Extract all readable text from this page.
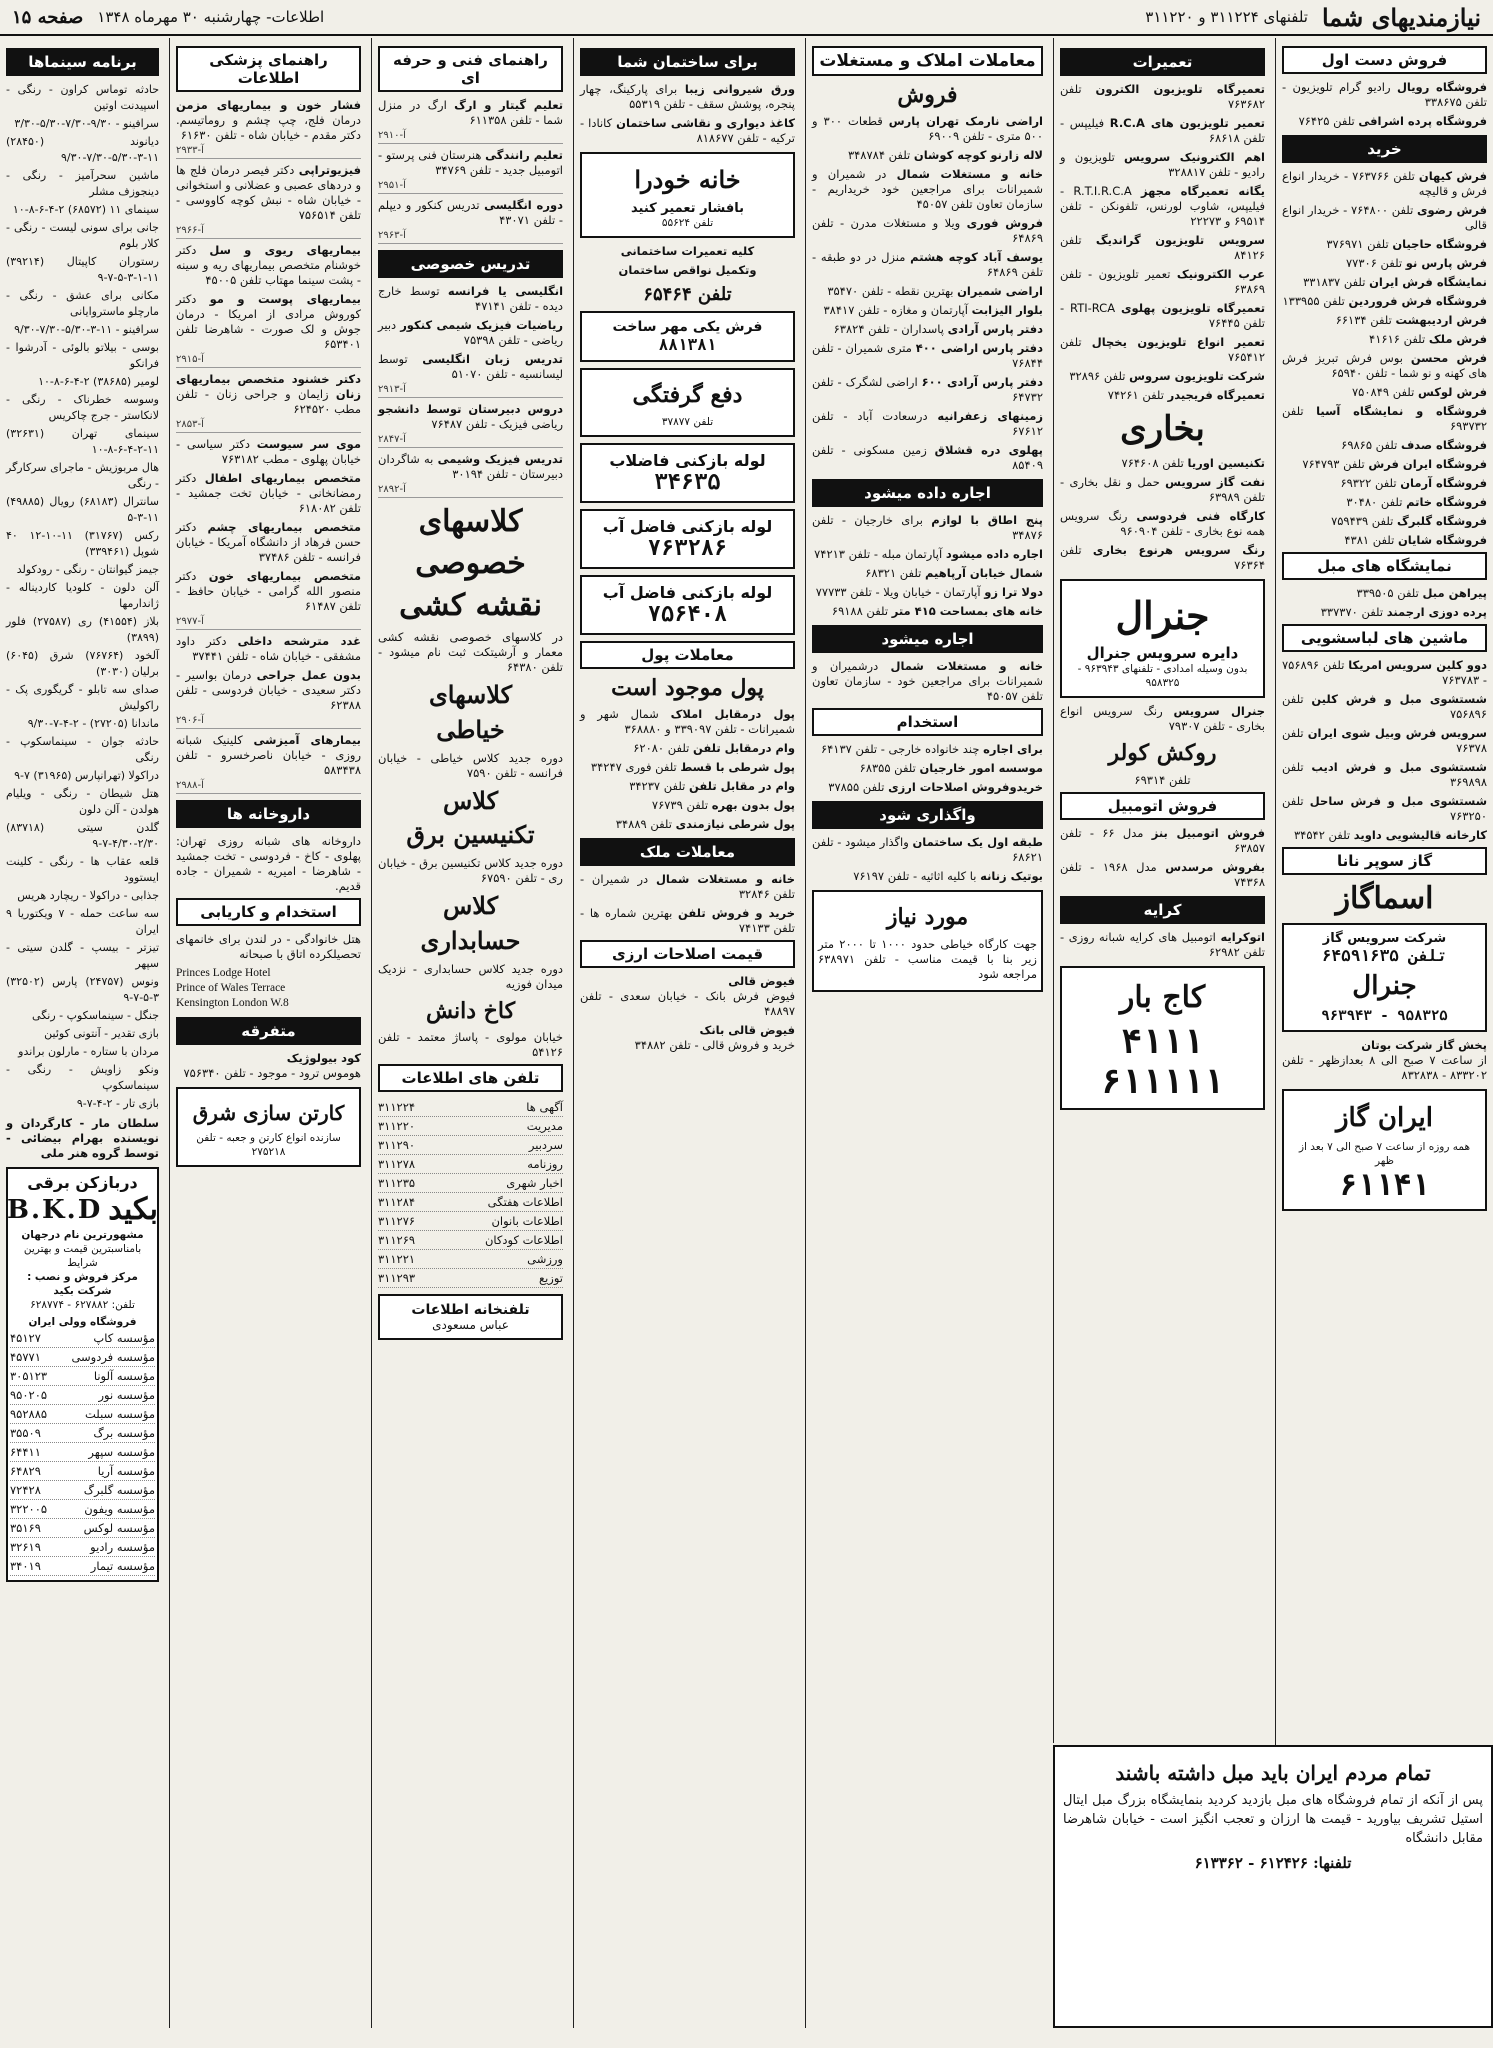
نیازمندیهای شما
تلفنهای ۳۱۱۲۲۴ و ۳۱۱۲۲۰
اطلاعات- چهارشنبه ۳۰ مهرماه ۱۳۴۸
صفحه ۱۵
فروش دست اول
فروشگاه رویال رادیو گرام تلویزیون - تلفن ۳۳۸۶۷۵
فروشگاه پرده اشرافی تلفن ۷۶۴۲۵
خرید
فرش کیهان تلفن ۷۶۳۷۶۶ - خریدار انواع فرش و قالیچه
فرش رضوی تلفن ۷۶۴۸۰۰ - خریدار انواع قالی
فروشگاه حاجیان تلفن ۳۷۶۹۷۱
فرش پارس نو تلفن ۷۷۳۰۶
نمایشگاه فرش ایران تلفن ۳۳۱۸۳۷
فروشگاه فرش فروردین تلفن ۱۳۳۹۵۵
فرش اردیبهشت تلفن ۶۶۱۳۴
فرش ملک تلفن ۴۱۶۱۶
فرش محسن بوس فرش تبریز فرش های کهنه و نو شما - تلفن ۶۵۹۴۰
فرش لوکس تلفن ۷۵۰۸۴۹
فروشگاه و نمایشگاه آسیا تلفن ۶۹۳۷۳۲
فروشگاه صدف تلفن ۶۹۸۶۵
فروشگاه ایران فرش تلفن ۷۶۴۷۹۳
فروشگاه آرمان تلفن ۶۹۳۲۲
فروشگاه خاتم تلفن ۳۰۴۸۰
فروشگاه گلبرگ تلفن ۷۵۹۴۳۹
فروشگاه شایان تلفن ۴۳۸۱
نمایشگاه های مبل
پیراهن مبل تلفن ۳۳۹۵۰۵
پرده دوزی ارجمند تلفن ۳۳۷۳۷۰
ماشین های لباسشویی
دوو کلین سرویس امریکا تلفن ۷۵۶۸۹۶ - ۷۶۳۷۸۳
شستشوی مبل و فرش کلین تلفن ۷۵۶۸۹۶
سرویس فرش وبیل شوی ایران تلفن ۷۶۳۷۸
شستشوی مبل و فرش ادیب تلفن ۳۶۹۸۹۸
شستشوی مبل و فرش ساحل تلفن ۷۶۳۲۵۰
کارخانه قالیشویی داوید تلفن ۳۴۵۴۲
گاز سوپر نانا
اسماگاز
شرکت سرویس گاز
تلفن ۶۴۵۹۱۶۳۵
جنرال
۹۶۳۹۴۳ - ۹۵۸۳۲۵
پخش گاز شرکت بوتان
از ساعت ۷ صبح الی ۸ بعدازظهر - تلفن ۸۳۳۲۰۲ - ۸۳۲۸۳۸
ایران گاز
همه روزه از ساعت ۷ صبح الی ۷ بعد از ظهر
۶۱۱۴۱
تمام مردم ایران باید مبل داشته باشند
پس از آنکه از تمام فروشگاه های مبل بازدید کردید بنمایشگاه بزرگ مبل ایتال استیل تشریف بیاورید - قیمت ها ارزان و تعجب انگیز است - خیابان شاهرضا مقابل دانشگاه
تلفنها: ۶۱۲۴۲۶ - ۶۱۳۳۶۲
تعمیرات
تعمیرگاه تلویزیون الکترون تلفن ۷۶۳۶۸۲
تعمیر تلویزیون های R.C.A فیلیپس - تلفن ۶۸۶۱۸
اهم الکترونیک سرویس تلویزیون و رادیو - تلفن ۳۲۸۸۱۷
یگانه تعمیرگاه مجهز R.T.I.R.C.A - فیلیپس، شاوب لورنس، تلفونکن - تلفن ۶۹۵۱۴ و ۲۲۲۷۳
سرویس تلویزیون گراندیگ تلفن ۸۴۱۲۶
عرب الکترونیک تعمیر تلویزیون - تلفن ۶۳۸۶۹
تعمیرگاه تلویزیون پهلوی RTI-RCA - تلفن ۷۶۴۴۵
تعمیر انواع تلویزیون یخچال تلفن ۷۶۵۴۱۲
شرکت تلویزیون سروس تلفن ۳۲۸۹۶
تعمیرگاه فریجیدر تلفن ۷۴۲۶۱
بخاری
تکنیسین اوریا تلفن ۷۶۴۶۰۸
نفت گاز سرویس حمل و نقل بخاری - تلفن ۶۳۹۸۹
کارگاه فنی فردوسی رنگ سرویس همه نوع بخاری - تلفن ۹۶۰۹۰۴
رنگ سرویس هرنوع بخاری تلفن ۷۶۳۶۴
جنرال
دایره سرویس جنرال
بدون وسیله امدادی - تلفنهای ۹۶۳۹۴۳ - ۹۵۸۳۲۵
جنرال سرویس رنگ سرویس انواع بخاری - تلفن ۷۹۳۰۷
روکش کولر
تلفن ۶۹۳۱۴
فروش اتومبیل
فروش اتومبیل بنز مدل ۶۶ - تلفن ۶۳۸۵۷
بفروش مرسدس مدل ۱۹۶۸ - تلفن ۷۴۳۶۸
کرایه
اتوکرایه اتومبیل های کرایه شبانه روزی - تلفن ۶۲۹۸۲
کاج بار
۴۱۱۱
۶۱۱۱۱۱
معاملات املاک و مستغلات
فروش
اراضی نارمک تهران پارس قطعات ۳۰۰ و ۵۰۰ متری - تلفن ۶۹۰۰۹
لاله زارنو کوچه کوشان تلفن ۳۴۸۷۸۴
خانه و مستغلات شمال در شمیران و شمیرانات برای مراجعین خود خریداریم - سازمان تعاون تلفن ۴۵۰۵۷
فروش فوری ویلا و مستغلات مدرن - تلفن ۶۴۸۶۹
یوسف آباد کوچه هشتم منزل در دو طبقه - تلفن ۶۴۸۶۹
اراضی شمیران بهترین نقطه - تلفن ۳۵۴۷۰
بلوار الیزابت آپارتمان و مغازه - تلفن ۳۸۴۱۷
دفتر پارس آرادی پاسداران - تلفن ۶۳۸۲۴
دفتر پارس اراضی ۴۰۰ متری شمیران - تلفن ۷۶۸۴۴
دفتر پارس آرادی ۶۰۰ اراضی لشگرک - تلفن ۶۴۷۳۲
زمینهای زعفرانیه درسعادت آباد - تلفن ۶۷۶۱۲
پهلوی دره قشلاق زمین مسکونی - تلفن ۸۵۴۰۹
اجاره داده میشود
پنج اطاق با لوازم برای خارجیان - تلفن ۳۴۸۷۶
اجاره داده میشود آپارتمان مبله - تلفن ۷۴۲۱۳
شمال خیابان آرپاهیم تلفن ۶۸۳۲۱
دولا ترا زو آپارتمان - خیابان ویلا - تلفن ۷۷۷۳۳
خانه های بمساحت ۴۱۵ متر تلفن ۶۹۱۸۸
اجاره میشود
خانه و مستغلات شمال درشمیران و شمیرانات برای مراجعین خود - سازمان تعاون تلفن ۴۵۰۵۷
استخدام
برای اجاره چند خانواده خارجی - تلفن ۶۴۱۳۷
موسسه امور خارجیان تلفن ۶۸۳۵۵
خریدوفروش اصلاحات ارزی تلفن ۳۷۸۵۵
واگذاری شود
طبقه اول یک ساختمان واگذار میشود - تلفن ۶۸۶۲۱
بوتیک زنانه با کلیه اثاثیه - تلفن ۷۶۱۹۷
مورد نیاز
جهت کارگاه خیاطی حدود ۱۰۰۰ تا ۲۰۰۰ متر زیر بنا با قیمت مناسب - تلفن ۶۳۸۹۷۱ مراجعه شود
برای ساختمان شما
ورق شیروانی زیبا برای پارکینگ، چهار پنجره، پوشش سقف - تلفن ۵۵۳۱۹
کاغذ دیواری و نقاشی ساختمان کانادا - ترکیه - تلفن ۸۱۸۶۷۷
خانه خودرا
بافشار تعمیر کنید
تلفن ۵۵۶۲۴
کلیه تعمیرات ساختمانی
وتکمیل نواقص ساختمان
تلفن ۶۵۴۶۴
فرش یکی مهر ساخت
۸۸۱۳۸۱
دفع گرفتگی
تلفن ۳۷۸۷۷
لوله بازکنی فاضلاب
۳۴۶۳۵
لوله بازکنی فاضل آب
۷۶۳۲۸۶
لوله بازکنی فاضل آب
۷۵۶۴۰۸
معاملات پول
پول موجود است
پول درمقابل املاک شمال شهر و شمیرانات - تلفن ۳۳۹۰۹۷ و ۳۶۸۸۸۰
وام درمقابل تلفن تلفن ۶۲۰۸۰
پول شرطی با قسط تلفن فوری ۳۴۲۴۷
وام در مقابل تلفن تلفن ۳۴۲۳۷
پول بدون بهره تلفن ۷۶۷۳۹
پول شرطی نیازمندی تلفن ۳۴۸۸۹
معاملات ملک
خانه و مستغلات شمال در شمیران - تلفن ۳۲۸۴۶
خرید و فروش تلفن بهترین شماره ها - تلفن ۷۴۱۳۳
قیمت اصلاحات ارزی
فیوض قالی
فیوض فرش بانک - خیابان سعدی - تلفن ۴۸۸۹۷
فیوض قالی بانک
خرید و فروش قالی - تلفن ۳۴۸۸۲
راهنمای فنی و حرفه ای
تعلیم گیتار و ارگ ارگ در منزل شما - تلفن ۶۱۱۳۵۸
۲۹۱۰-آ
تعلیم رانندگی هنرستان فنی پرستو - اتومبیل جدید - تلفن ۳۴۷۶۹
۲۹۵۱-آ
دوره انگلیسی تدریس کنکور و دیپلم - تلفن ۴۳۰۷۱
۲۹۶۳-آ
تدریس خصوصی
انگلیسی یا فرانسه توسط خارج دیده - تلفن ۴۷۱۴۱
ریاضیات فیزیک شیمی کنکور دبیر ریاضی - تلفن ۷۵۳۹۸
تدریس زبان انگلیسی توسط لیسانسیه - تلفن ۵۱۰۷۰
۲۹۱۳-آ
دروس دبیرستان توسط دانشجو ریاضی فیزیک - تلفن ۷۶۴۸۷
۲۸۴۷-آ
تدریس فیزیک وشیمی به شاگردان دبیرستان - تلفن ۳۰۱۹۴
۲۸۹۲-آ
کلاسهای
خصوصی
نقشه کشی
در کلاسهای خصوصی نقشه کشی معمار و آرشیتکت ثبت نام میشود - تلفن ۶۴۳۸۰
کلاسهای
خیاطی
دوره جدید کلاس خیاطی - خیابان فرانسه - تلفن ۷۵۹۰
کلاس
تکنیسین برق
دوره جدید کلاس تکنیسین برق - خیابان ری - تلفن ۶۷۵۹۰
کلاس
حسابداری
دوره جدید کلاس حسابداری - نزدیک میدان فوزیه
کاخ دانش
خیابان مولوی - پاساژ معتمد - تلفن ۵۴۱۲۶
تلفن های اطلاعات
آگهی ها
۳۱۱۲۲۴
مدیریت
۳۱۱۲۲۰
سردبیر
۳۱۱۲۹۰
روزنامه
۳۱۱۲۷۸
اخبار شهری
۳۱۱۲۳۵
اطلاعات هفتگی
۳۱۱۲۸۴
اطلاعات بانوان
۳۱۱۲۷۶
اطلاعات کودکان
۳۱۱۲۶۹
ورزشی
۳۱۱۲۲۱
توزیع
۳۱۱۲۹۳
تلفنخانه اطلاعات
عباس مسعودی
راهنمای پزشکی اطلاعات
فشار خون و بیماریهای مزمن درمان فلج، چپ چشم و روماتیسم. دکتر مقدم - خیابان شاه - تلفن ۶۱۶۳۰
۲۹۳۳-آ
فیزیوتراپی دکتر فیصر درمان فلج ها و دردهای عصبی و عضلانی و استخوانی - خیابان شاه - نبش کوچه کاووسی - تلفن ۷۵۶۵۱۴
۲۹۶۶-آ
بیماریهای ریوی و سل دکتر خوشنام متخصص بیماریهای ریه و سینه - پشت سینما مهتاب تلفن ۴۵۰۰۵
بیماریهای پوست و مو دکتر کوروش مرادی از امریکا - درمان جوش و لک صورت - شاهرضا تلفن ۶۵۳۴۰۱
۲۹۱۵-آ
دکتر خشنود متخصص بیماریهای زنان زایمان و جراحی زنان - تلفن مطب ۶۲۴۵۲۰
۲۸۵۳-آ
موی سر سیوست دکتر سیاسی - خیابان پهلوی - مطب ۷۶۳۱۸۲
متخصص بیماریهای اطفال دکتر رمضانخانی - خیابان تخت جمشید - تلفن ۶۱۸۰۸۲
متخصص بیماریهای چشم دکتر حسن فرهاد از دانشگاه آمریکا - خیابان فرانسه - تلفن ۳۷۴۸۶
متخصص بیماریهای خون دکتر منصور الله گرامی - خیابان حافظ - تلفن ۶۱۴۸۷
۲۹۷۷-آ
غدد مترشحه داخلی دکتر داود مشفقی - خیابان شاه - تلفن ۳۷۴۴۱
بدون عمل جراحی درمان بواسیر - دکتر سعیدی - خیابان فردوسی - تلفن ۶۲۳۸۸
۲۹۰۶-آ
بیمارهای آمیزشی کلینیک شبانه روزی - خیابان ناصرخسرو - تلفن ۵۸۳۴۳۸
۲۹۸۸-آ
داروخانه ها
داروخانه های شبانه روزی تهران: پهلوی - کاخ - فردوسی - تخت جمشید - شاهرضا - امیریه - شمیران - جاده قدیم.
استخدام و کاریابی
هتل خانوادگی - در لندن برای خانمهای تحصیلکرده اتاق با صبحانه
Princes Lodge Hotel
Prince of Wales Terrace
Kensington London W.8
متفرقه
کود بیولوژیک
هوموس ترود - موجود - تلفن ۷۵۶۳۴۰
کارتن سازی شرق
سازنده انواع کارتن و جعبه - تلفن ۲۷۵۲۱۸
برنامه سینماها
حادثه توماس کراون - رنگی - اسپیدنت اوتین
سرافینو - ۹/۳۰-۷/۳۰-۵/۳۰-۳/۳۰
دیانوند (۲۸۴۵۰) ۱۱-۳-۵/۳۰-۷/۳۰-۹/۳۰
ماشین سحرآمیز - رنگی - دینجوزف مشلر
سینمای ۱۱ (۶۸۵۷۲) ۲-۴-۶-۸-۱۰
جانی برای سونی لیست - رنگی - کلار بلوم
رستوران کاپیتال (۳۹۲۱۴) ۱۱-۱-۳-۵-۷-۹
مکانی برای عشق - رنگی - مارچلو ماستروایانی
سرافینو - ۱۱-۳-۵/۳۰-۷/۳۰-۹/۳۰
بوسی - بیلاتو بالوئی - آدرشوا - فرانکو
لومیر (۳۸۶۸۵) ۲-۴-۶-۸-۱۰
وسوسه خطرناک - رنگی - لانکاستر - جرج چاکریس
سینمای تهران (۳۲۶۳۱) ۱۱-۲-۴-۶-۸-۱۰
هال مربوزیش - ماجرای سرکارگر - رنگی
سانترال (۶۸۱۸۳) رویال (۴۹۸۸۵) ۱۱-۳-۵
رکس (۳۱۷۶۷) ۱۱-۱۰-۱۲ ۴۰ شوپل (۳۳۹۴۶۱)
جیمز گیوانتان - رنگی - رودکولد
آلن دلون - کلودیا کاردیناله - ژاندارمها
بلاز (۴۱۵۵۴) ری (۲۷۵۸۷) فلور (۳۸۹۹)
آلخود (۷۶۷۶۴) شرق (۶۰۴۵) برلیان (۳۰۳۰)
صدای سه تابلو - گریگوری پک - راکولیش
ماندانا (۲۷۲۰۵) - ۲-۴-۷-۹/۳۰
حادثه جوان - سینماسکوپ - رنگی
دراکولا (تهرانپارس (۳۱۹۶۵) ۷-۹
هتل شیطان - رنگی - ویلیام هولدن - آلن دلون
گلدن سیتی (۸۳۷۱۸) ۲/۳۰-۴/۳۰-۷-۹
قلعه عقاب ها - رنگی - کلینت ایستوود
جذابی - دراکولا - ریچارد هریس
سه ساعت حمله - ۷ ویکتوریا ۹ ایران
تیزتر - بیسپ - گلدن سیتی - سپهر
ونوس (۲۴۷۵۷) پارس (۳۲۵۰۲) ۳-۵-۷-۹
جنگل - سینماسکوپ - رنگی
بازی تقدیر - آنتونی کوئین
مردان با ستاره - مارلون براندو
ونکو زاویش - رنگی - سینماسکوپ
بازی تار - ۲-۴-۷-۹
سلطان مار - کارگردان و نویسنده بهرام بیضائی - توسط گروه هنر ملی
دربازکن برقی
بکید
B.K.D
مشهورترین نام درجهان
بامناسبترین قیمت و بهترین شرایط
مرکز فروش و نصب : شرکت بکید
تلفن: ۶۲۷۸۸۲ - ۶۲۸۷۷۴
فروشگاه وولی ایران
مؤسسه کاپ
۴۵۱۲۷
مؤسسه فردوسی
۴۵۷۷۱
مؤسسه آلونا
۳۰۵۱۲۳
مؤسسه نور
۹۵۰۲۰۵
مؤسسه سبلت
۹۵۲۸۸۵
مؤسسه برگ
۳۵۵۰۹
مؤسسه سپهر
۶۴۴۱۱
مؤسسه آریا
۶۴۸۲۹
مؤسسه گلبرگ
۷۲۴۲۸
مؤسسه ویفون
۳۲۲۰۰۵
مؤسسه لوکس
۳۵۱۶۹
مؤسسه رادیو
۳۲۶۱۹
مؤسسه تیمار
۳۴۰۱۹
